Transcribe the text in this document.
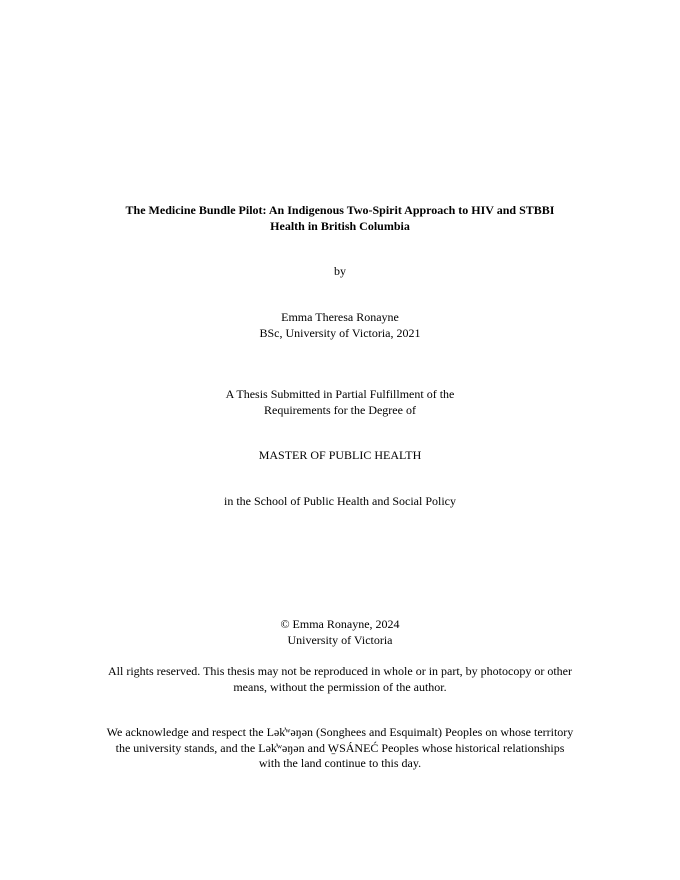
The Medicine Bundle Pilot: An Indigenous Two-Spirit Approach to HIV and STBBI
Health in British Columbia
by
Emma Theresa Ronayne
BSc, University of Victoria, 2021
A Thesis Submitted in Partial Fulfillment of the
Requirements for the Degree of
MASTER OF PUBLIC HEALTH
in the School of Public Health and Social Policy
© Emma Ronayne, 2024
University of Victoria
All rights reserved. This thesis may not be reproduced in whole or in part, by photocopy or other
means, without the permission of the author.
We acknowledge and respect the Lək̓ʷəŋən (Songhees and Esquimalt) Peoples on whose territory
the university stands, and the Lək̓ʷəŋən and W̱SÁNEĆ Peoples whose historical relationships
with the land continue to this day.
